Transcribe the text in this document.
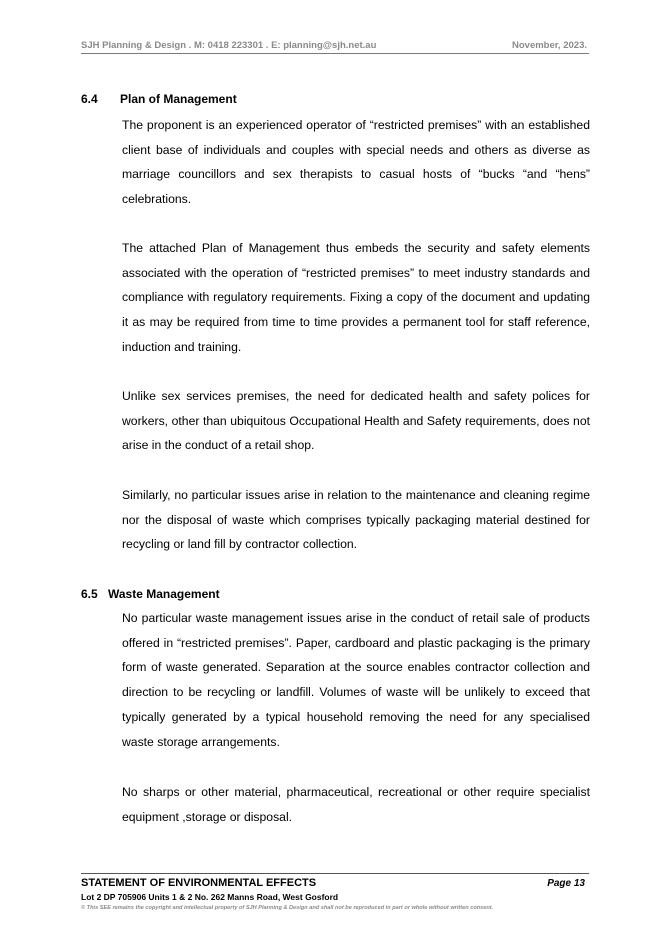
SJH Planning & Design . M: 0418 223301 . E: planning@sjh.net.au	November, 2023.
6.4 Plan of Management

The proponent is an experienced operator of “restricted premises” with an established client base of individuals and couples with special needs and others as diverse as marriage councillors and sex therapists to casual hosts of “bucks “and “hens” celebrations.

The attached Plan of Management thus embeds the security and safety elements associated with the operation of “restricted premises” to meet industry standards and compliance with regulatory requirements. Fixing a copy of the document and updating it as may be required from time to time provides a permanent tool for staff reference, induction and training.

Unlike sex services premises, the need for dedicated health and safety polices for workers, other than ubiquitous Occupational Health and Safety requirements, does not arise in the conduct of a retail shop.

Similarly, no particular issues arise in relation to the maintenance and cleaning regime nor the disposal of waste which comprises typically packaging material destined for recycling or land fill by contractor collection.

6.5 Waste Management

No particular waste management issues arise in the conduct of retail sale of products offered in “restricted premises”. Paper, cardboard and plastic packaging is the primary form of waste generated. Separation at the source enables contractor collection and direction to be recycling or landfill. Volumes of waste will be unlikely to exceed that typically generated by a typical household removing the need for any specialised waste storage arrangements.

No sharps or other material, pharmaceutical, recreational or other require specialist equipment ,storage or disposal.

STATEMENT OF ENVIRONMENTAL EFFECTS	Page 13
Lot 2 DP 705906 Units 1 & 2 No. 262 Manns Road, West Gosford
© This SEE remains the copyright and intellectual property of SJH Planning & Design and shall not be reproduced in part or whole without written consent.
